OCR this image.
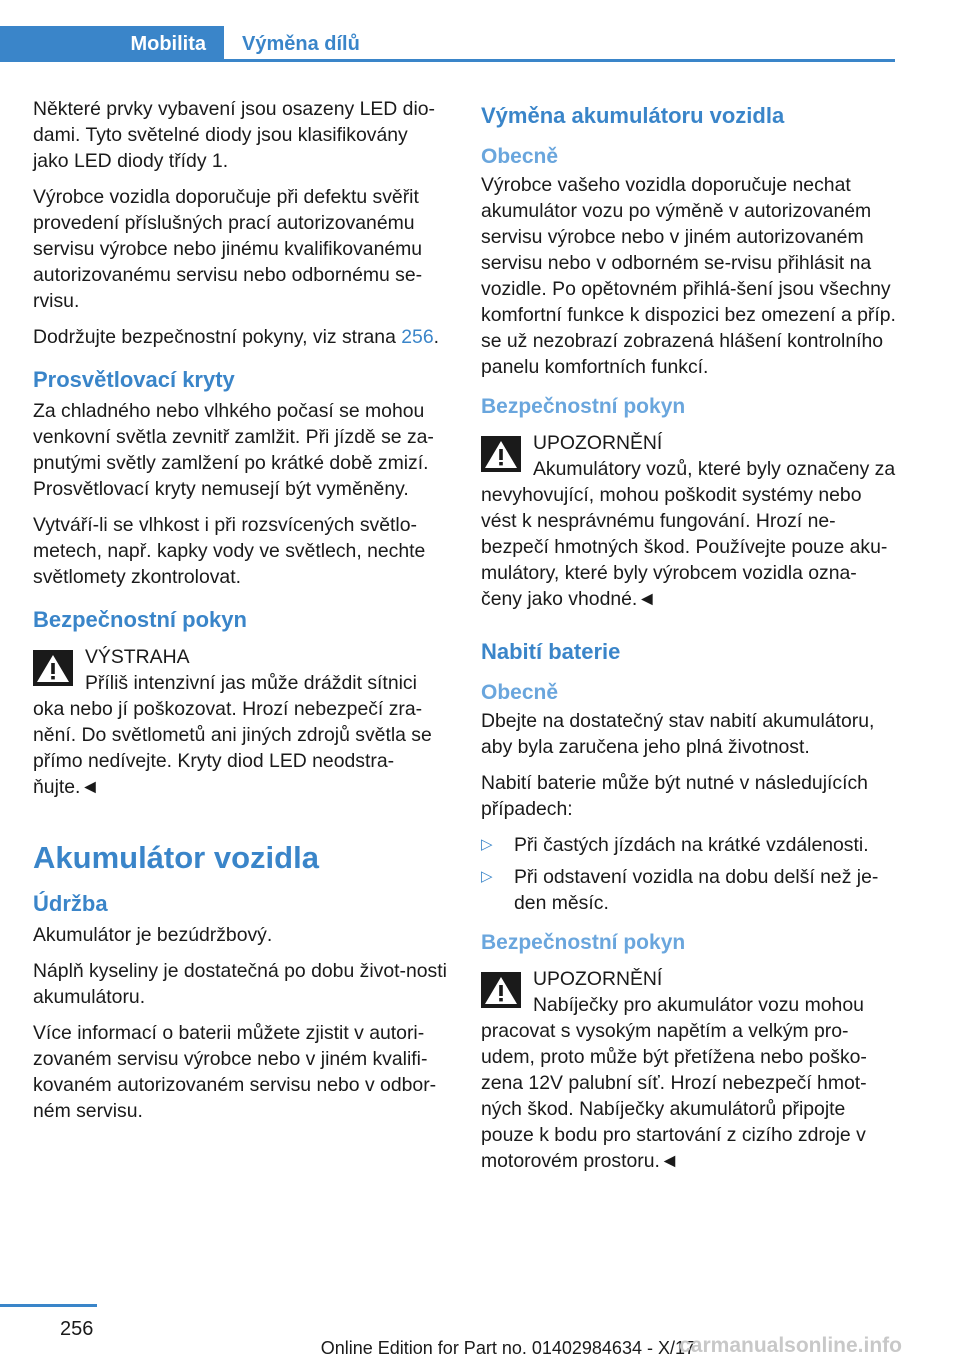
Mobilita	Výměna dílů

Některé prvky vybavení jsou osazeny LED dio‐dami. Tyto světelné diody jsou klasifikovány jako LED diody třídy 1.

Výrobce vozidla doporučuje při defektu svěřit provedení příslušných prací autorizovanému servisu výrobce nebo jinému kvalifikovanému autorizovanému servisu nebo odbornému se‐rvisu.

Dodržujte bezpečnostní pokyny, viz strana 256.

Prosvětlovací kryty

Za chladného nebo vlhkého počasí se mohou venkovní světla zevnitř zamlžit. Při jízdě se za‐pnutými světly zamlžení po krátké době zmizí. Prosvětlovací kryty nemusejí být vyměněny.

Vytváří-li se vlhkost i při rozsvícených světlo‐metech, např. kapky vody ve světlech, nechte světlomety zkontrolovat.

Bezpečnostní pokyn
VÝSTRAHA
Příliš intenzivní jas může dráždit sítnici oka nebo jí poškozovat. Hrozí nebezpečí zra‐nění. Do světlometů ani jiných zdrojů světla se přímo nedívejte. Kryty diod LED neodstra‐ňujte.◄
Akumulátor vozidla
Údržba

Akumulátor je bezúdržbový.

Náplň kyseliny je dostatečná po dobu život‐nosti akumulátoru.

Více informací o baterii můžete zjistit v autori‐zovaném servisu výrobce nebo v jiném kvalifi‐kovaném autorizovaném servisu nebo v odbor‐ném servisu.

Výměna akumulátoru vozidla
Obecně

Výrobce vašeho vozidla doporučuje nechat akumulátor vozu po výměně v autorizovaném servisu výrobce nebo v jiném autorizovaném servisu nebo v odborném se‐rvisu přihlásit na vozidle. Po opětovném přihlá‐šení jsou všechny komfortní funkce k dispozici bez omezení a příp. se už nezobrazí zobrazená hlášení kontrolního panelu komfortních funkcí.

Bezpečnostní pokyn
UPOZORNĚNÍ
Akumulátory vozů, které byly označeny za nevyhovující, mohou poškodit systémy nebo vést k nesprávnému fungování. Hrozí ne‐bezpečí hmotných škod. Používejte pouze aku‐mulátory, které byly výrobcem vozidla ozna‐čeny jako vhodné.◄
Nabití baterie
Obecně

Dbejte na dostatečný stav nabití akumulátoru, aby byla zaručena jeho plná životnost.

Nabití baterie může být nutné v následujících případech:

▷ Při častých jízdách na krátké vzdálenosti.
▷ Při odstavení vozidla na dobu delší než je‐den měsíc.
Bezpečnostní pokyn
UPOZORNĚNÍ
Nabíječky pro akumulátor vozu mohou pracovat s vysokým napětím a velkým pro‐udem, proto může být přetížena nebo poško‐zena 12V palubní síť. Hrozí nebezpečí hmot‐ných škod. Nabíječky akumulátorů připojte pouze k bodu pro startování z cizího zdroje v motorovém prostoru.◄
256
Online Edition for Part no. 01402984634 - X/17
carmanualsonline.info
